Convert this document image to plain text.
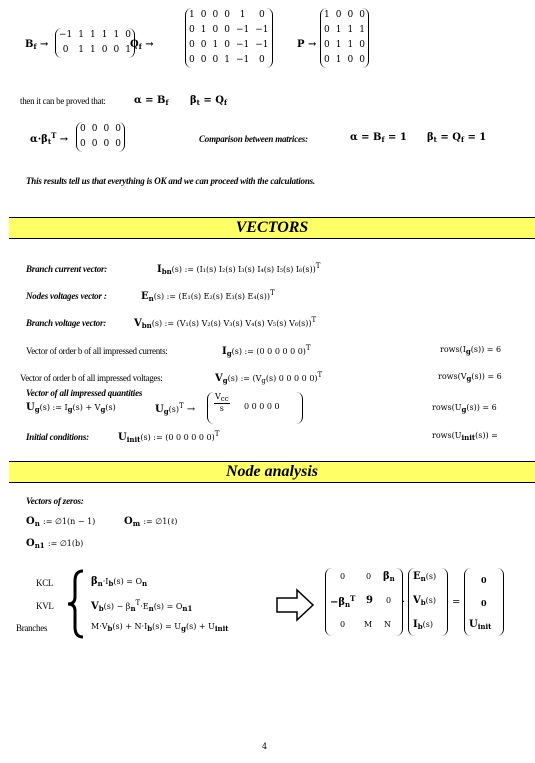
$B_f$ →
−1	1	1	1	1	0
0	1	1	0	0	1 $Q_f$ →
1	0	0	0	1	0
0	1	0	0	−1	−1
0	0	1	0	−1	−1
0	0	0	1	−1	0
P →
1	0	0	0
0	1	1	1
0	1	1	0
0	1	0	0
then it can be proved that:	$\alpha = B_f$ $\beta_t = Q_f$
$\alpha\cdot\beta_t^T$ →
0	0	0	0
0	0	0	0	Comparison between matrices:	$\alpha = B_f = 1$ $\beta_t = Q_f = 1$
This results tell us that everything is OK and we can proceed with the calculations.
VECTORS
Branch current vector:	$I_{bn}(s)$ := (I₁(s) I₂(s) I₃(s) I₄(s) I₅(s) I₆(s))$^T$
Nodes voltages vector :	$E_n(s)$ := (E₁(s) E₂(s) E₃(s) E₄(s))$^T$
Branch voltage vector:	$V_{bn}(s)$ := (V₁(s) V₂(s) V₃(s) V₄(s) V₅(s) V₆(s))$^T$
Vector of order b of all impressed currents:	$I_g(s)$ := (0 0 0 0 0 0)$^T$	$rows(I_g(s)) = 6$
Vector of order b of all impressed voltages:	$V_g(s)$ := ($V_g(s)$ 0 0 0 0 0)$^T$	$rows(V_g(s)) = 6$
Vector of all impressed quantities
$U_g(s)$ := $I_g(s) + V_g(s)$	$U_g(s)^T$ →
$V_{cc}$
s	0 0 0 0 0	$rows(U_g(s)) = 6$
Initial conditions:	$U_{init}(s)$ := (0 0 0 0 0 0)$^T$	$rows(U_{init}(s))$ =
Node analysis
Vectors of zeros:
$O_n$ := ∅1(n − 1)	$O_m$ := ∅1(ℓ)
$O_{n1}$ := ∅1(b)
KCL
KVL
Branches
$\beta_n\cdot I_b(s) = O_n$
$V_b(s) - \beta_n^T\cdot E_n(s) = O_{n1}$
$M\cdot V_b(s) + N\cdot I_b(s) = U_g(s) + U_{init}$
0	0 $\beta_n$
$-\beta_n^T$ 𝟗 0
0 M N
·
$E_n(s)$
$V_b(s)$
$I_b(s)$
=
0
0
$U_{init}$
4
